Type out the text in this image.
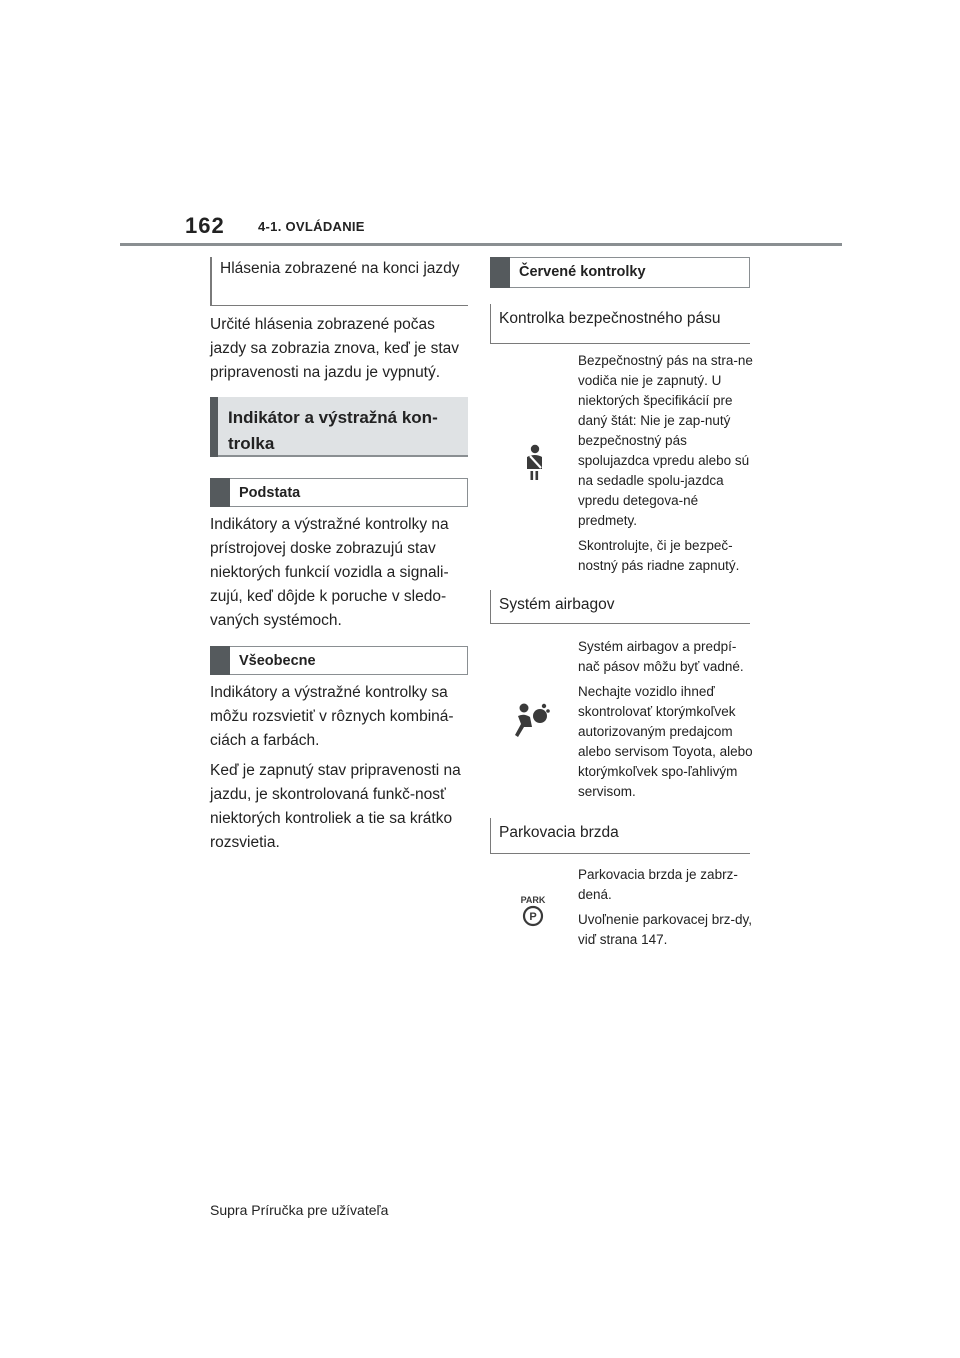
162	4-1. OVLÁDANIE
Hlásenia zobrazené na konci jazdy

Určité hlásenia zobrazené počas jazdy sa zobrazia znova, keď je stav pripravenosti na jazdu je vypnutý.

Indikátor a výstražná kon-trolka
Podstata

Indikátory a výstražné kontrolky na prístrojovej doske zobrazujú stav niektorých funkcií vozidla a signali-zujú, keď dôjde k poruche v sledo-vaných systémoch.

Všeobecne

Indikátory a výstražné kontrolky sa môžu rozsvietiť v rôznych kombiná-ciách a farbách.

Keď je zapnutý stav pripravenosti na jazdu, je skontrolovaná funkč-nosť niektorých kontroliek a tie sa krátko rozsvietia.

Červené kontrolky
Kontrolka bezpečnostného pásu

Bezpečnostný pás na stra-ne vodiča nie je zapnutý. U niektorých špecifikácií pre daný štát: Nie je zap-nutý bezpečnostný pás spolujazdca vpredu alebo sú na sedadle spolu-jazdca vpredu detegova-né predmety.

Skontrolujte, či je bezpeč-nostný pás riadne zapnutý.

Systém airbagov

Systém airbagov a predpí-nač pásov môžu byť vadné.

Nechajte vozidlo ihneď skontrolovať ktorýmkoľvek autorizovaným predajcom alebo servisom Toyota, alebo ktorýmkoľvek spo-ľahlivým servisom.

Parkovacia brzda
PARK
P

Parkovacia brzda je zabrz-dená.

Uvoľnenie parkovacej brz-dy, viď strana 147.

Supra Príručka pre užívateľa
